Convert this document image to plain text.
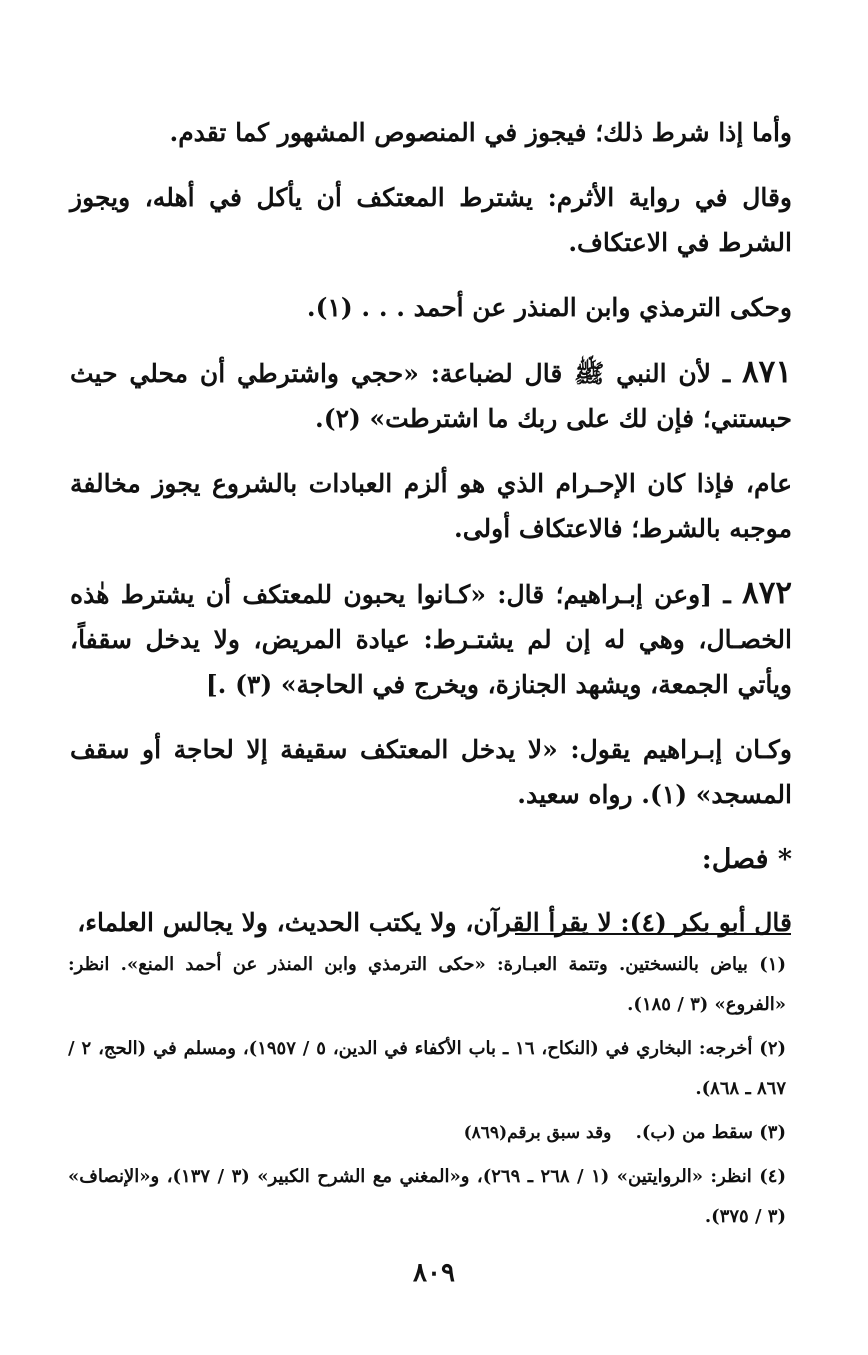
وأما إذا شرط ذلك؛ فيجوز في المنصوص المشهور كما تقدم.

وقال في رواية الأثرم: يشترط المعتكف أن يأكل في أهله، ويجوز الشرط في الاعتكاف.

وحكى الترمذي وابن المنذر عن أحمد . . . (١).

٨٧١ ـ لأن النبي ﷺ قال لضباعة: «حجي واشترطي أن محلي حيث حبستني؛ فإن لك على ربك ما اشترطت» (٢).

عام، فإذا كان الإحـرام الذي هو ألزم العبادات بالشروع يجوز مخالفة موجبه بالشرط؛ فالاعتكاف أولى.

٨٧٢ ـ [وعن إبـراهيم؛ قال: «كـانوا يحبون للمعتكف أن يشترط هٰذه الخصـال، وهي له إن لم يشتـرط: عيادة المريض، ولا يدخل سقفاً، ويأتي الجمعة، ويشهد الجنازة، ويخرج في الحاجة» (٣) .]

وكـان إبـراهيم يقول: «لا يدخل المعتكف سقيفة إلا لحاجة أو سقف المسجد» (١). رواه سعيد.

* فصل:

قال أبو بكر (٤): لا يقرأ القرآن، ولا يكتب الحديث، ولا يجالس العلماء،

(١) بياض بالنسختين. وتتمة العبـارة: «حكى الترمذي وابن المنذر عن أحمد المنع». انظر: «الفروع» (٣ / ١٨٥).

(٢) أخرجه: البخاري في (النكاح، ١٦ ـ باب الأكفاء في الدين، ٥ / ١٩٥٧)، ومسلم في (الحج، ٢ / ٨٦٧ ـ ٨٦٨).

(٣) سقط من (ب). وقد سبق برقم(٨٦٩)

(٤) انظر: «الروايتين» (١ / ٢٦٨ ـ ٢٦٩)، و«المغني مع الشرح الكبير» (٣ / ١٣٧)، و«الإنصاف» (٣ / ٣٧٥).

٨٠٩
